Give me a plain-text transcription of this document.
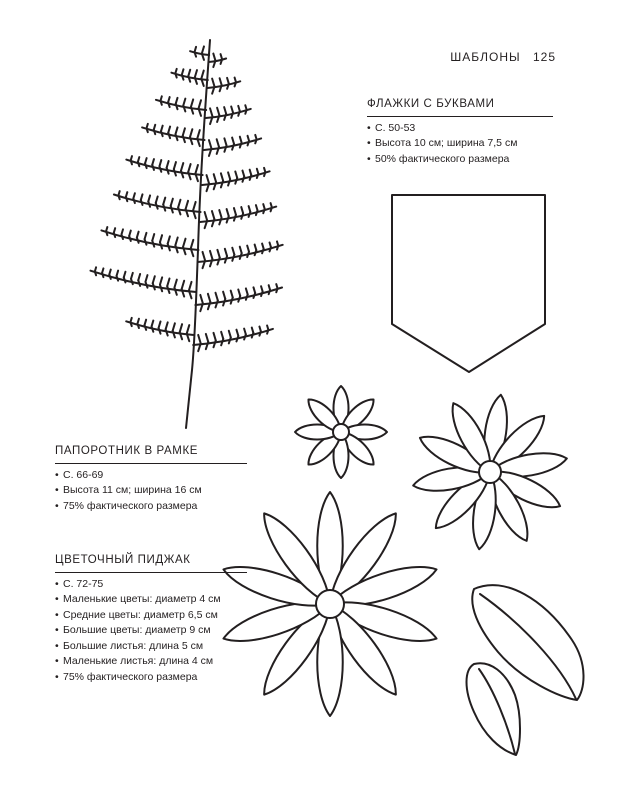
ШАБЛОНЫ 125
ФЛАЖКИ С БУКВАМИ
• С. 50-53
• Высота 10 см; ширина 7,5 см
• 50% фактического размера
ПАПОРОТНИК В РАМКЕ
• С. 66-69
• Высота 11 см; ширина 16 см
• 75% фактического размера
ЦВЕТОЧНЫЙ ПИДЖАК
• С. 72-75
• Маленькие цветы: диаметр 4 см
• Средние цветы: диаметр 6,5 см
• Большие цветы: диаметр 9 см
• Большие листья: длина 5 см
• Маленькие листья: длина 4 см
• 75% фактического размера
